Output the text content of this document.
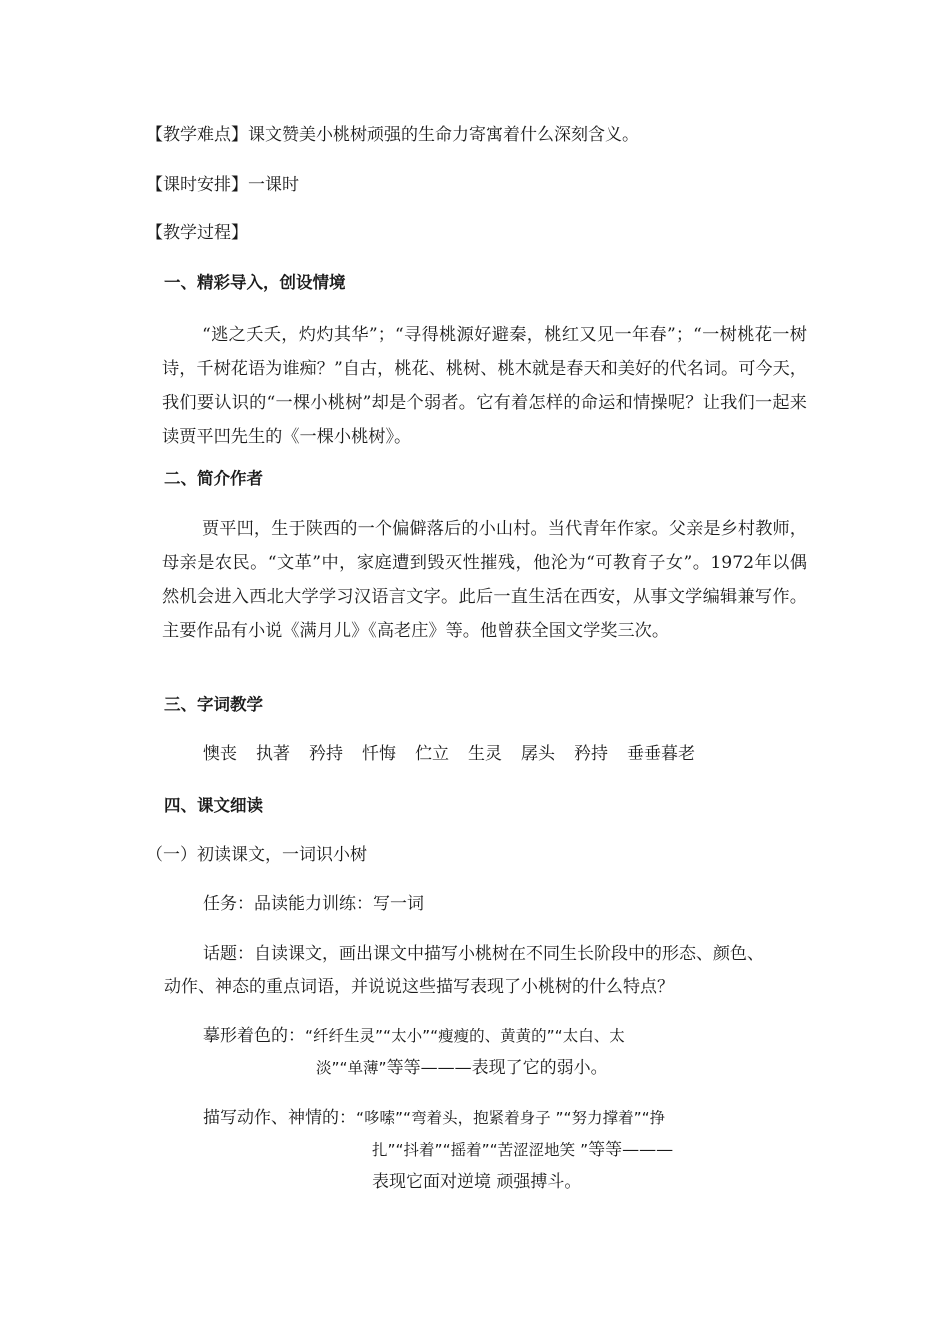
【教学难点】课文赞美小桃树顽强的生命力寄寓着什么深刻含义。
【课时安排】一课时
【教学过程】
一、精彩导入，创设情境
“逃之夭夭，灼灼其华”；“寻得桃源好避秦，桃红又见一年春”；“一树桃花一树诗，千树花语为谁痴？”自古，桃花、桃树、桃木就是春天和美好的代名词。可今天，我们要认识的“一棵小桃树”却是个弱者。它有着怎样的命运和情操呢？让我们一起来读贾平凹先生的《一棵小桃树》。
二、简介作者
贾平凹，生于陕西的一个偏僻落后的小山村。当代青年作家。父亲是乡村教师，母亲是农民。“文革”中，家庭遭到毁灭性摧残，他沦为“可教育子女”。1972年以偶然机会进入西北大学学习汉语言文字。此后一直生活在西安，从事文学编辑兼写作。主要作品有小说《满月儿》《高老庄》等。他曾获全国文学奖三次。
三、字词教学
懊丧 执著 矜持 忏悔 伫立 生灵 孱头 矜持 垂垂暮老
四、课文细读
（一）初读课文，一词识小树
任务：品读能力训练：写一词
话题：自读课文，画出课文中描写小桃树在不同生长阶段中的形态、颜色、
动作、神态的重点词语，并说说这些描写表现了小桃树的什么特点？
摹形着色的：“纤纤生灵”“太小”“瘦瘦的、黄黄的”“太白、太
淡”“单薄”等等———表现了它的弱小。
描写动作、神情的：“哆嗦”“弯着头，抱紧着身子 ”“努力撑着”“挣
扎”“抖着”“摇着”“苦涩涩地笑 ”等等———
表现它面对逆境 顽强搏斗。
